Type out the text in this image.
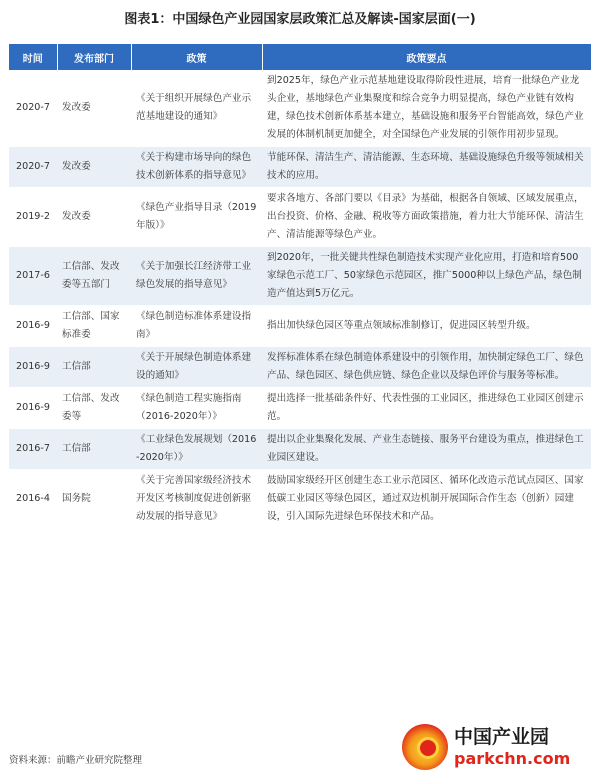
图表1：中国绿色产业园国家层政策汇总及解读-国家层面(一)
时间	发布部门	政策	政策要点
2020-7	发改委	《关于组织开展绿色产业示范基地建设的通知》	到2025年，绿色产业示范基地建设取得阶段性进展，培育一批绿色产业龙头企业，基地绿色产业集聚度和综合竞争力明显提高，绿色产业链有效构建，绿色技术创新体系基本建立，基础设施和服务平台智能高效，绿色产业发展的体制机制更加健全，对全国绿色产业发展的引领作用初步显现。
2020-7	发改委	《关于构建市场导向的绿色技术创新体系的指导意见》	节能环保、清洁生产、清洁能源、生态环境、基础设施绿色升级等领域相关技术的应用。
2019-2	发改委	《绿色产业指导目录（2019年版）》	要求各地方、各部门要以《目录》为基础，根据各自领域、区域发展重点，出台投资、价格、金融、税收等方面政策措施，着力壮大节能环保、清洁生产、清洁能源等绿色产业。
2017-6	工信部、发改委等五部门	《关于加强长江经济带工业绿色发展的指导意见》	到2020年，一批关键共性绿色制造技术实现产业化应用，打造和培育500家绿色示范工厂、50家绿色示范园区，推广5000种以上绿色产品，绿色制造产值达到5万亿元。
2016-9	工信部、国家标准委	《绿色制造标准体系建设指南》	指出加快绿色园区等重点领域标准制修订，促进园区转型升级。
2016-9	工信部	《关于开展绿色制造体系建设的通知》	发挥标准体系在绿色制造体系建设中的引领作用，加快制定绿色工厂、绿色产品、绿色园区、绿色供应链、绿色企业以及绿色评价与服务等标准。
2016-9	工信部、发改委等	《绿色制造工程实施指南（2016-2020年）》	提出选择一批基础条件好、代表性强的工业园区，推进绿色工业园区创建示范。
2016-7	工信部	《工业绿色发展规划（2016-2020年）》	提出以企业集聚化发展、产业生态链接、服务平台建设为重点，推进绿色工业园区建设。
2016-4	国务院	《关于完善国家级经济技术开发区考核制度促进创新驱动发展的指导意见》	鼓励国家级经开区创建生态工业示范园区、循环化改造示范试点园区、国家低碳工业园区等绿色园区，通过双边机制开展国际合作生态（创新）园建设，引入国际先进绿色环保技术和产品。
资料来源：前瞻产业研究院整理
中国产业园
parkchn.com
